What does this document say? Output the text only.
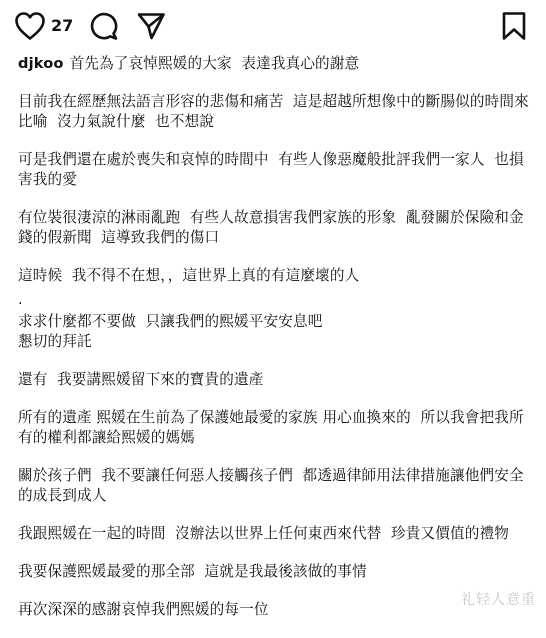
27

djkoo 首先為了哀悼熙媛的大家  表達我真心的謝意

目前我在經歷無法語言形容的悲傷和痛苦  這是超越所想像中的斷腸似的時間來比喻  沒力氣說什麼  也不想說

可是我們還在處於喪失和哀悼的時間中  有些人像惡魔般批評我們一家人  也損害我的愛

有位裝很淒涼的淋雨亂跑  有些人故意損害我們家族的形象  亂發關於保險和金錢的假新聞  這導致我們的傷口

這時候  我不得不在想，，這世界上真的有這麼壞的人

.

求求什麼都不要做  只讓我們的熙媛平安安息吧
懇切的拜託

還有  我要講熙媛留下來的寶貴的遺產

所有的遺產 熙媛在生前為了保護她最愛的家族 用心血換來的  所以我會把我所有的權利都讓給熙媛的媽媽

關於孩子們  我不要讓任何惡人接觸孩子們  都透過律師用法律措施讓他們安全的成長到成人

我跟熙媛在一起的時間  沒辦法以世界上任何東西來代替  珍貴又價值的禮物

我要保護熙媛最愛的那全部  這就是我最後該做的事情

再次深深的感謝哀悼我們熙媛的每一位

礼轻人意重
